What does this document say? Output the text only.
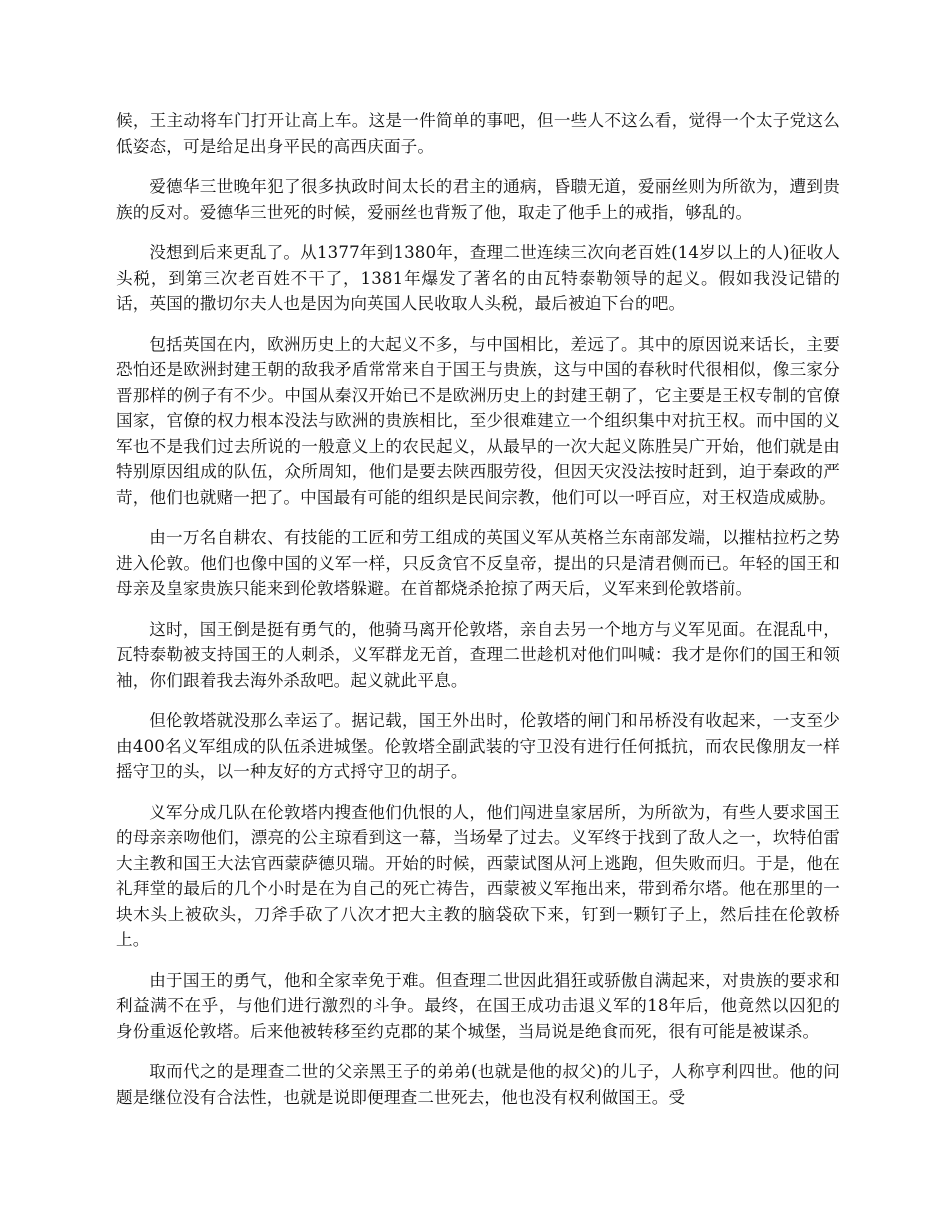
候，王主动将车门打开让高上车。这是一件简单的事吧，但一些人不这么看，觉得一个太子党这么低姿态，可是给足出身平民的高西庆面子。

爱德华三世晚年犯了很多执政时间太长的君主的通病，昏聩无道，爱丽丝则为所欲为，遭到贵族的反对。爱德华三世死的时候，爱丽丝也背叛了他，取走了他手上的戒指，够乱的。

没想到后来更乱了。从1377年到1380年，查理二世连续三次向老百姓(14岁以上的人)征收人头税，到第三次老百姓不干了，1381年爆发了著名的由瓦特泰勒领导的起义。假如我没记错的话，英国的撒切尔夫人也是因为向英国人民收取人头税，最后被迫下台的吧。

包括英国在内，欧洲历史上的大起义不多，与中国相比，差远了。其中的原因说来话长，主要恐怕还是欧洲封建王朝的敌我矛盾常常来自于国王与贵族，这与中国的春秋时代很相似，像三家分晋那样的例子有不少。中国从秦汉开始已不是欧洲历史上的封建王朝了，它主要是王权专制的官僚国家，官僚的权力根本没法与欧洲的贵族相比，至少很难建立一个组织集中对抗王权。而中国的义军也不是我们过去所说的一般意义上的农民起义，从最早的一次大起义陈胜吴广开始，他们就是由特别原因组成的队伍，众所周知，他们是要去陕西服劳役，但因天灾没法按时赶到，迫于秦政的严苛，他们也就赌一把了。中国最有可能的组织是民间宗教，他们可以一呼百应，对王权造成威胁。

由一万名自耕农、有技能的工匠和劳工组成的英国义军从英格兰东南部发端，以摧枯拉朽之势进入伦敦。他们也像中国的义军一样，只反贪官不反皇帝，提出的只是清君侧而已。年轻的国王和母亲及皇家贵族只能来到伦敦塔躲避。在首都烧杀抢掠了两天后，义军来到伦敦塔前。

这时，国王倒是挺有勇气的，他骑马离开伦敦塔，亲自去另一个地方与义军见面。在混乱中，瓦特泰勒被支持国王的人刺杀，义军群龙无首，查理二世趁机对他们叫喊：我才是你们的国王和领袖，你们跟着我去海外杀敌吧。起义就此平息。

但伦敦塔就没那么幸运了。据记载，国王外出时，伦敦塔的闸门和吊桥没有收起来，一支至少由400名义军组成的队伍杀进城堡。伦敦塔全副武装的守卫没有进行任何抵抗，而农民像朋友一样摇守卫的头，以一种友好的方式捋守卫的胡子。

义军分成几队在伦敦塔内搜查他们仇恨的人，他们闯进皇家居所，为所欲为，有些人要求国王的母亲亲吻他们，漂亮的公主琼看到这一幕，当场晕了过去。义军终于找到了敌人之一，坎特伯雷大主教和国王大法官西蒙萨德贝瑞。开始的时候，西蒙试图从河上逃跑，但失败而归。于是，他在礼拜堂的最后的几个小时是在为自己的死亡祷告，西蒙被义军拖出来，带到希尔塔。他在那里的一块木头上被砍头，刀斧手砍了八次才把大主教的脑袋砍下来，钉到一颗钉子上，然后挂在伦敦桥上。

由于国王的勇气，他和全家幸免于难。但查理二世因此猖狂或骄傲自满起来，对贵族的要求和利益满不在乎，与他们进行激烈的斗争。最终，在国王成功击退义军的18年后，他竟然以囚犯的身份重返伦敦塔。后来他被转移至约克郡的某个城堡，当局说是绝食而死，很有可能是被谋杀。

取而代之的是理查二世的父亲黑王子的弟弟(也就是他的叔父)的儿子，人称亨利四世。他的问题是继位没有合法性，也就是说即便理查二世死去，他也没有权利做国王。受
